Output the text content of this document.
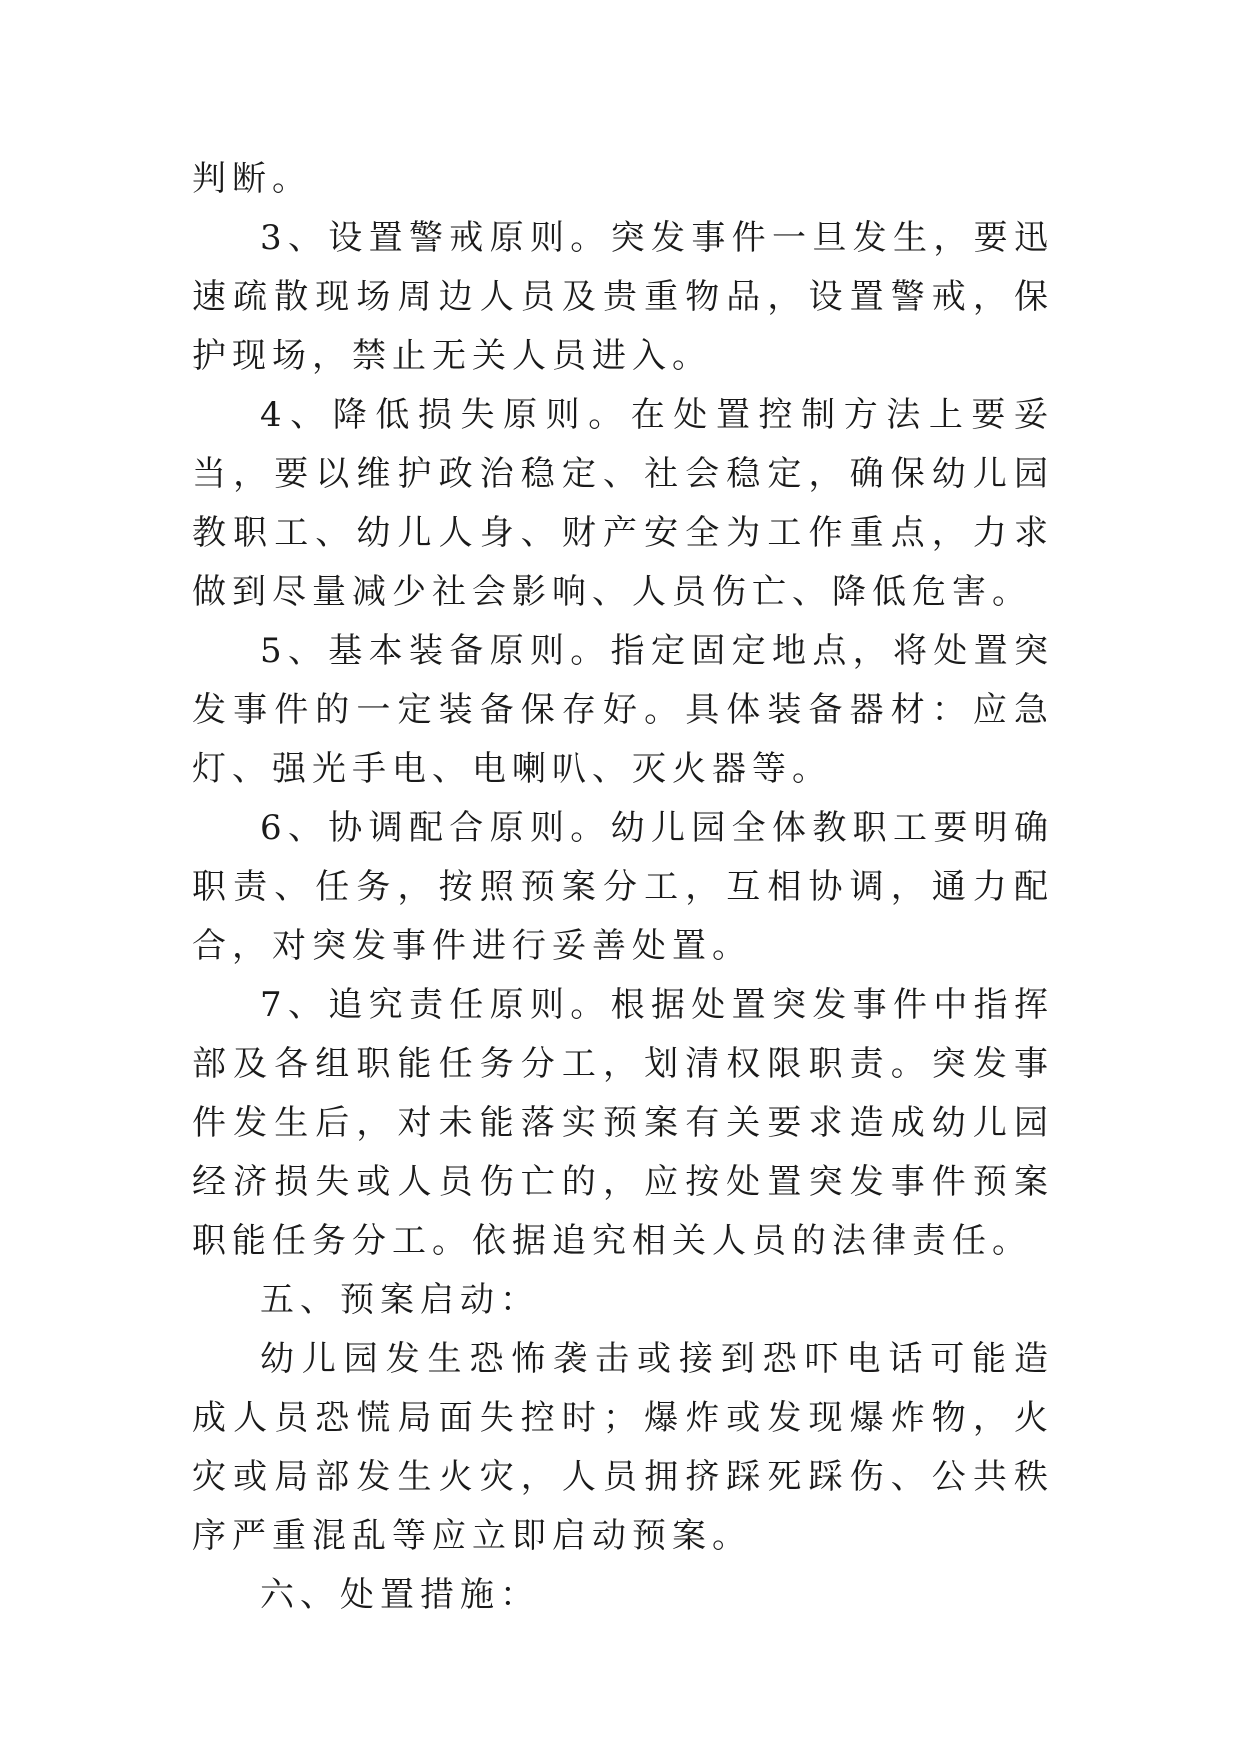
判断。

3、设置警戒原则。突发事件一旦发生，要迅速疏散现场周边人员及贵重物品，设置警戒，保护现场，禁止无关人员进入。

4、降低损失原则。在处置控制方法上要妥当，要以维护政治稳定、社会稳定，确保幼儿园教职工、幼儿人身、财产安全为工作重点，力求做到尽量减少社会影响、人员伤亡、降低危害。

5、基本装备原则。指定固定地点，将处置突发事件的一定装备保存好。具体装备器材：应急灯、强光手电、电喇叭、灭火器等。

6、协调配合原则。幼儿园全体教职工要明确职责、任务，按照预案分工，互相协调，通力配合，对突发事件进行妥善处置。

7、追究责任原则。根据处置突发事件中指挥部及各组职能任务分工，划清权限职责。突发事件发生后，对未能落实预案有关要求造成幼儿园经济损失或人员伤亡的，应按处置突发事件预案职能任务分工。依据追究相关人员的法律责任。

五、预案启动：

幼儿园发生恐怖袭击或接到恐吓电话可能造成人员恐慌局面失控时；爆炸或发现爆炸物，火灾或局部发生火灾，人员拥挤踩死踩伤、公共秩序严重混乱等应立即启动预案。

六、处置措施：
